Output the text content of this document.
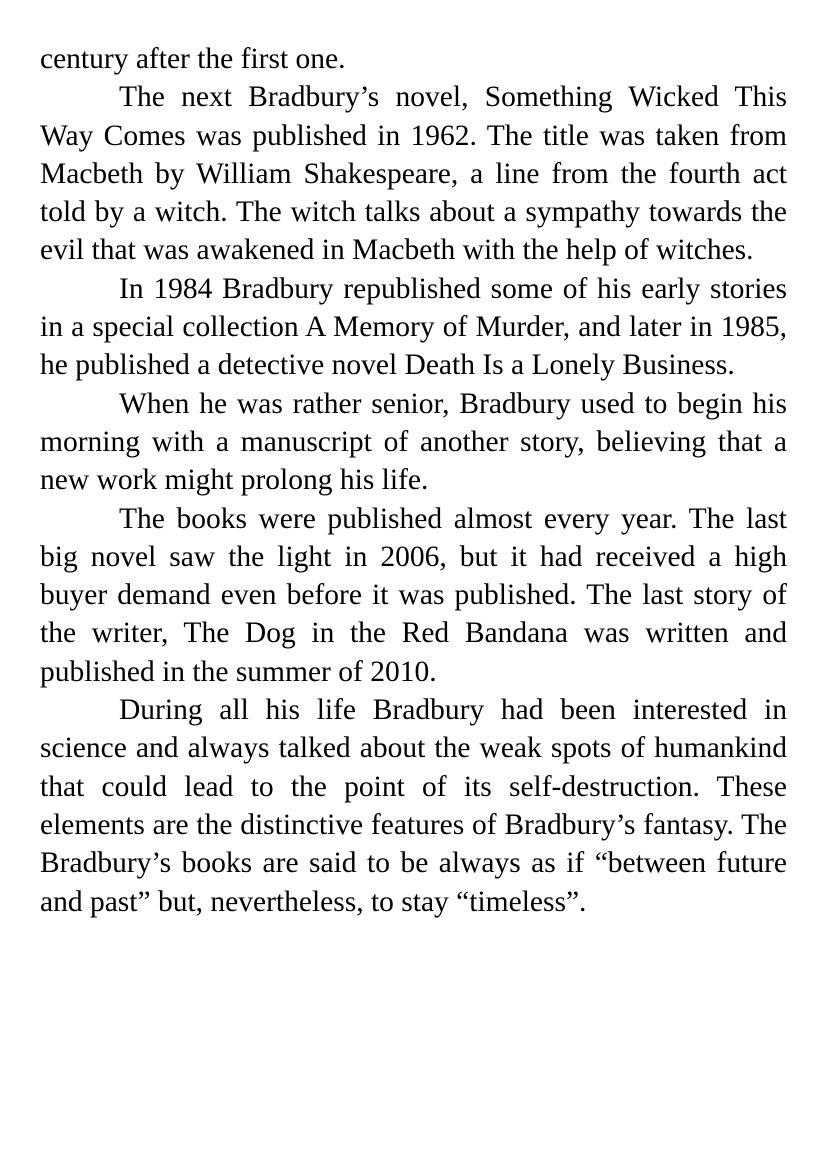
century after the first one.

The next Bradbury’s novel, Something Wicked This Way Comes was published in 1962. The title was taken from Macbeth by William Shakespeare, a line from the fourth act told by a witch. The witch talks about a sympathy towards the evil that was awakened in Macbeth with the help of witches.

In 1984 Bradbury republished some of his early stories in a special collection A Memory of Murder, and later in 1985, he published a detective novel Death Is a Lonely Business.

When he was rather senior, Bradbury used to begin his morning with a manuscript of another story, believing that a new work might prolong his life.

The books were published almost every year. The last big novel saw the light in 2006, but it had received a high buyer demand even before it was published. The last story of the writer, The Dog in the Red Bandana was written and published in the summer of 2010.

During all his life Bradbury had been interested in science and always talked about the weak spots of humankind that could lead to the point of its self-destruction. These elements are the distinctive features of Bradbury’s fantasy. The Bradbury’s books are said to be always as if “between future and past” but, nevertheless, to stay “timeless”.
